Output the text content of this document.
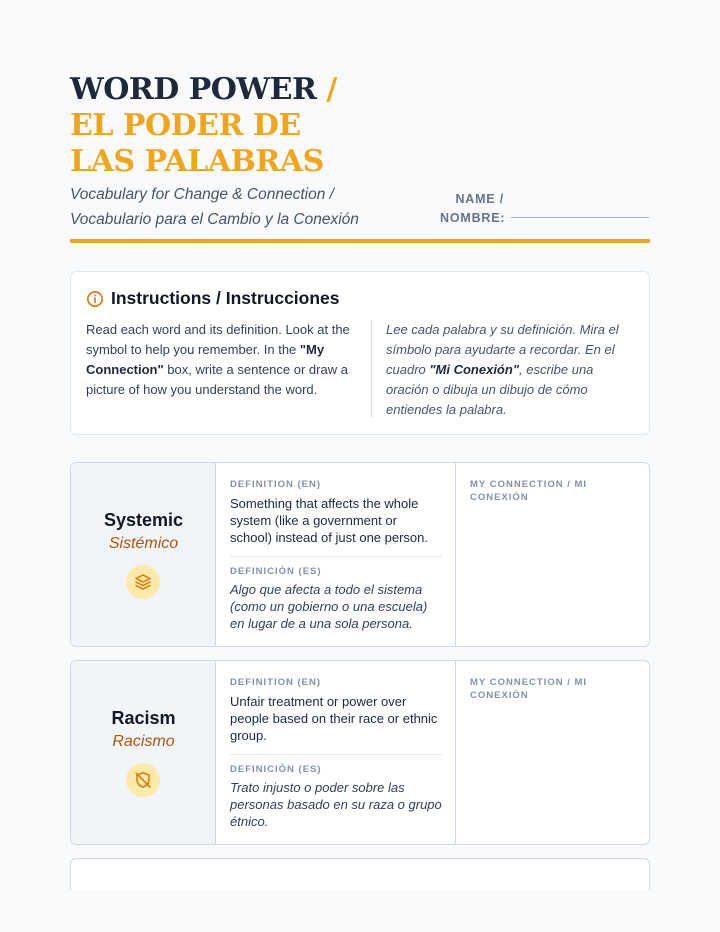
WORD POWER / EL PODER DE LAS PALABRAS

Vocabulary for Change & Connection / Vocabulario para el Cambio y la Conexión

NAME / NOMBRE:
Instructions / Instrucciones

Read each word and its definition. Look at the symbol to help you remember. In the "My Connection" box, write a sentence or draw a picture of how you understand the word.

Lee cada palabra y su definición. Mira el símbolo para ayudarte a recordar. En el cuadro "Mi Conexión", escribe una oración o dibuja un dibujo de cómo entiendes la palabra.

Systemic
Sistémico
DEFINITION (EN)
Something that affects the whole system (like a government or school) instead of just one person.
DEFINICIÓN (ES)
Algo que afecta a todo el sistema (como un gobierno o una escuela) en lugar de a una sola persona.
MY CONNECTION / MI CONEXIÓN
Racism
Racismo
DEFINITION (EN)
Unfair treatment or power over people based on their race or ethnic group.
DEFINICIÓN (ES)
Trato injusto o poder sobre las personas basado en su raza o grupo étnico.
MY CONNECTION / MI CONEXIÓN
